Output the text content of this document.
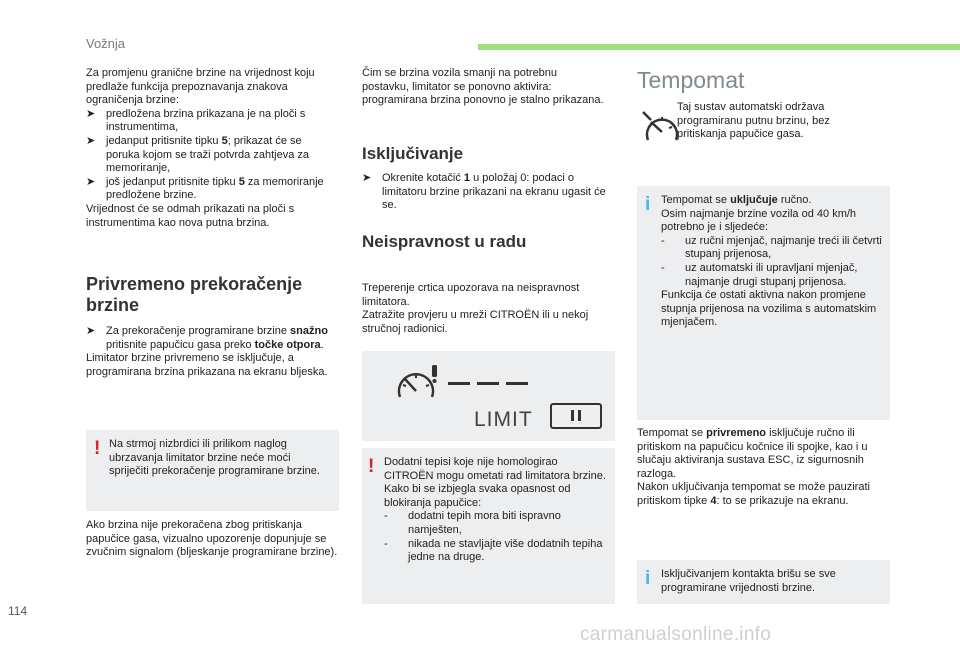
Vožnja

Za promjenu granične brzine na vrijednost koju predlaže funkcija prepoznavanja znakova ograničenja brzine:

➤ predložena brzina prikazana je na ploči s instrumentima,
➤ jedanput pritisnite tipku 5; prikazat će se poruka kojom se traži potvrda zahtjeva za memoriranje,
➤ još jedanput pritisnite tipku 5 za memoriranje predložene brzine.

Vrijednost će se odmah prikazati na ploči s instrumentima kao nova putna brzina.

Privremeno prekoračenje
brzine
➤ Za prekoračenje programirane brzine snažno pritisnite papučicu gasa preko točke otpora.

Limitator brzine privremeno se isključuje, a programirana brzina prikazana na ekranu bljeska.

! Na strmoj nizbrdici ili prilikom naglog ubrzavanja limitator brzine neće moći spriječiti prekoračenje programirane brzine.
Ako brzina nije prekoračena zbog pritiskanja papučice gasa, vizualno upozorenje dopunjuje se zvučnim signalom (bljeskanje programirane brzine).
Čim se brzina vozila smanji na potrebnu postavku, limitator se ponovno aktivira: programirana brzina ponovno je stalno prikazana.
Isključivanje
➤ Okrenite kotačić 1 u položaj 0: podaci o limitatoru brzine prikazani na ekranu ugasit će se.
Neispravnost u radu

Treperenje crtica upozorava na neispravnost limitatora.

Zatražite provjeru u mreži CITROËN ili u nekoj stručnoj radionici.

LIMIT
! Dodatni tepisi koje nije homologirao CITROËN mogu ometati rad limitatora brzine.

Kako bi se izbjegla svaka opasnost od blokiranja papučice:

- dodatni tepih mora biti ispravno namješten,
- nikada ne stavljajte više dodatnih tepiha jedne na druge.
Tempomat
Taj sustav automatski održava programiranu putnu brzinu, bez pritiskanja papučice gasa.
i Tempomat se uključuje ručno.

Osim najmanje brzine vozila od 40 km/h potrebno je i sljedeće:

- uz ručni mjenjač, najmanje treći ili četvrti stupanj prijenosa,
- uz automatski ili upravljani mjenjač, najmanje drugi stupanj prijenosa.

Funkcija će ostati aktivna nakon promjene stupnja prijenosa na vozilima s automatskim mjenjačem.

Tempomat se privremeno isključuje ručno ili pritiskom na papučicu kočnice ili spojke, kao i u slučaju aktiviranja sustava ESC, iz sigurnosnih razloga.

Nakon uključivanja tempomat se može pauzirati pritiskom tipke 4: to se prikazuje na ekranu.

i Isključivanjem kontakta brišu se sve programirane vrijednosti brzine.
114
carmanualsonline.info
